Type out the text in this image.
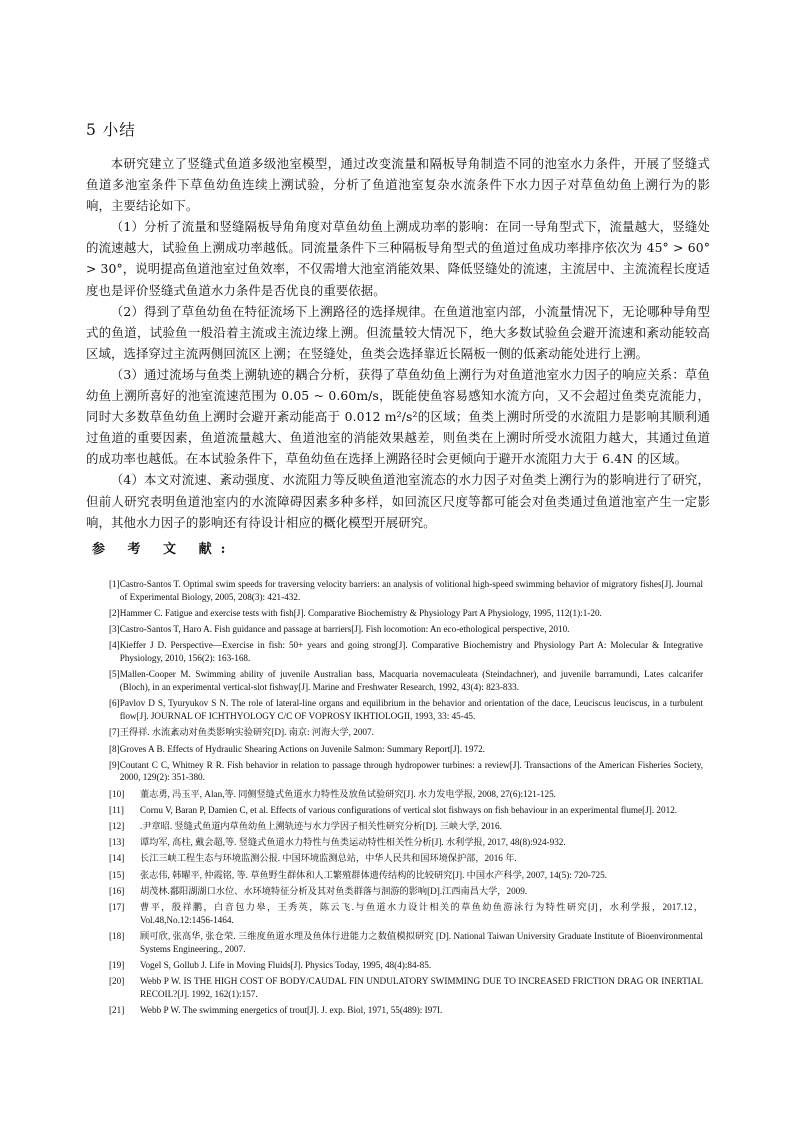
5 小结

本研究建立了竖缝式鱼道多级池室模型，通过改变流量和隔板导角制造不同的池室水力条件，开展了竖缝式鱼道多池室条件下草鱼幼鱼连续上溯试验，分析了鱼道池室复杂水流条件下水力因子对草鱼幼鱼上溯行为的影响，主要结论如下。

（1）分析了流量和竖缝隔板导角角度对草鱼幼鱼上溯成功率的影响：在同一导角型式下，流量越大，竖缝处的流速越大，试验鱼上溯成功率越低。同流量条件下三种隔板导角型式的鱼道过鱼成功率排序依次为 45° > 60° > 30°，说明提高鱼道池室过鱼效率，不仅需增大池室消能效果、降低竖缝处的流速，主流居中、主流流程长度适度也是评价竖缝式鱼道水力条件是否优良的重要依据。

（2）得到了草鱼幼鱼在特征流场下上溯路径的选择规律。在鱼道池室内部，小流量情况下，无论哪种导角型式的鱼道，试验鱼一般沿着主流或主流边缘上溯。但流量较大情况下，绝大多数试验鱼会避开流速和紊动能较高区域，选择穿过主流两侧回流区上溯；在竖缝处，鱼类会选择靠近长隔板一侧的低紊动能处进行上溯。

（3）通过流场与鱼类上溯轨迹的耦合分析，获得了草鱼幼鱼上溯行为对鱼道池室水力因子的响应关系：草鱼幼鱼上溯所喜好的池室流速范围为 0.05 ~ 0.60m/s，既能使鱼容易感知水流方向，又不会超过鱼类克流能力，同时大多数草鱼幼鱼上溯时会避开紊动能高于 0.012 m²/s²的区域；鱼类上溯时所受的水流阻力是影响其顺利通过鱼道的重要因素，鱼道流量越大、鱼道池室的消能效果越差，则鱼类在上溯时所受水流阻力越大，其通过鱼道的成功率也越低。在本试验条件下，草鱼幼鱼在选择上溯路径时会更倾向于避开水流阻力大于 6.4N 的区域。

（4）本文对流速、紊动强度、水流阻力等反映鱼道池室流态的水力因子对鱼类上溯行为的影响进行了研究，但前人研究表明鱼道池室内的水流障碍因素多种多样，如回流区尺度等都可能会对鱼类通过鱼道池室产生一定影响，其他水力因子的影响还有待设计相应的概化模型开展研究。

参 考 文 献:
[1] Castro-Santos T. Optimal swim speeds for traversing velocity barriers: an analysis of volitional high-speed swimming behavior of migratory fishes[J]. Journal of Experimental Biology, 2005, 208(3): 421-432.
[2] Hammer C. Fatigue and exercise tests with fish[J]. Comparative Biochemistry & Physiology Part A Physiology, 1995, 112(1):1-20.
[3] Castro-Santos T, Haro A. Fish guidance and passage at barriers[J]. Fish locomotion: An eco-ethological perspective, 2010.
[4] Kieffer J D. Perspective—Exercise in fish: 50+ years and going strong[J]. Comparative Biochemistry and Physiology Part A: Molecular & Integrative Physiology, 2010, 156(2): 163-168.
[5] Mallen-Cooper M. Swimming ability of juvenile Australian bass, Macquaria novemaculeata (Steindachner), and juvenile barramundi, Lates calcarifer (Bloch), in an experimental vertical-slot fishway[J]. Marine and Freshwater Research, 1992, 43(4): 823-833.
[6] Pavlov D S, Tyuryukov S N. The role of lateral-line organs and equilibrium in the behavior and orientation of the dace, Leuciscus leuciscus, in a turbulent flow[J]. JOURNAL OF ICHTHYOLOGY C/C OF VOPROSY IKHTIOLOGII, 1993, 33: 45-45.
[7] 王得祥. 水流紊动对鱼类影响实验研究[D]. 南京: 河海大学, 2007.
[8] Groves A B. Effects of Hydraulic Shearing Actions on Juvenile Salmon: Summary Report[J]. 1972.
[9] Coutant C C, Whitney R R. Fish behavior in relation to passage through hydropower turbines: a review[J]. Transactions of the American Fisheries Society, 2000, 129(2): 351-380.
[10]	董志勇, 冯玉平, Alan,等. 同侧竖缝式鱼道水力特性及放鱼试验研究[J]. 水力发电学报, 2008, 27(6):121-125.
[11]	Cornu V, Baran P, Damien C, et al. Effects of various configurations of vertical slot fishways on fish behaviour in an experimental flume[J]. 2012.
[12]	.尹章昭. 竖缝式鱼道内草鱼幼鱼上溯轨迹与水力学因子相关性研究分析[D]. 三峡大学, 2016.
[13]	谭均军, 高柱, 戴会超,等. 竖缝式鱼道水力特性与鱼类运动特性相关性分析[J]. 水利学报, 2017, 48(8):924-932.
[14]	长江三峡工程生态与环境监测公报. 中国环境监测总站，中华人民共和国环境保护部，2016 年.
[15]	张志伟, 韩曜平, 仲霞铭, 等. 草鱼野生群体和人工繁殖群体遗传结构的比较研究[J]. 中国水产科学, 2007, 14(5): 720-725.
[16]	胡茂林.鄱阳湖湖口水位、水环境特征分析及其对鱼类群落与洄游的影响[D].江西南昌大学，2009.
[17]	曹平，殷祥鹏，白音包力皋，王秀英，陈云飞.与鱼道水力设计相关的草鱼幼鱼游泳行为特性研究[J]，水利学报，2017.12，Vol.48,No.12:1456-1464.
[18]	顾可欣, 张高华, 张仓荣. 三维度鱼道水理及鱼体行进能力之数值模拟研究 [D]. National Taiwan University Graduate Institute of Bioenvironmental Systems Engineering., 2007.
[19]	Vogel S, Gollub J. Life in Moving Fluids[J]. Physics Today, 1995, 48(4):84-85.
[20]	Webb P W. IS THE HIGH COST OF BODY/CAUDAL FIN UNDULATORY SWIMMING DUE TO INCREASED FRICTION DRAG OR INERTIAL RECOIL?[J]. 1992, 162(1):157.
[21]	Webb P W. The swimming energetics of trout[J]. J. exp. Biol, 1971, 55(489): I97I.
